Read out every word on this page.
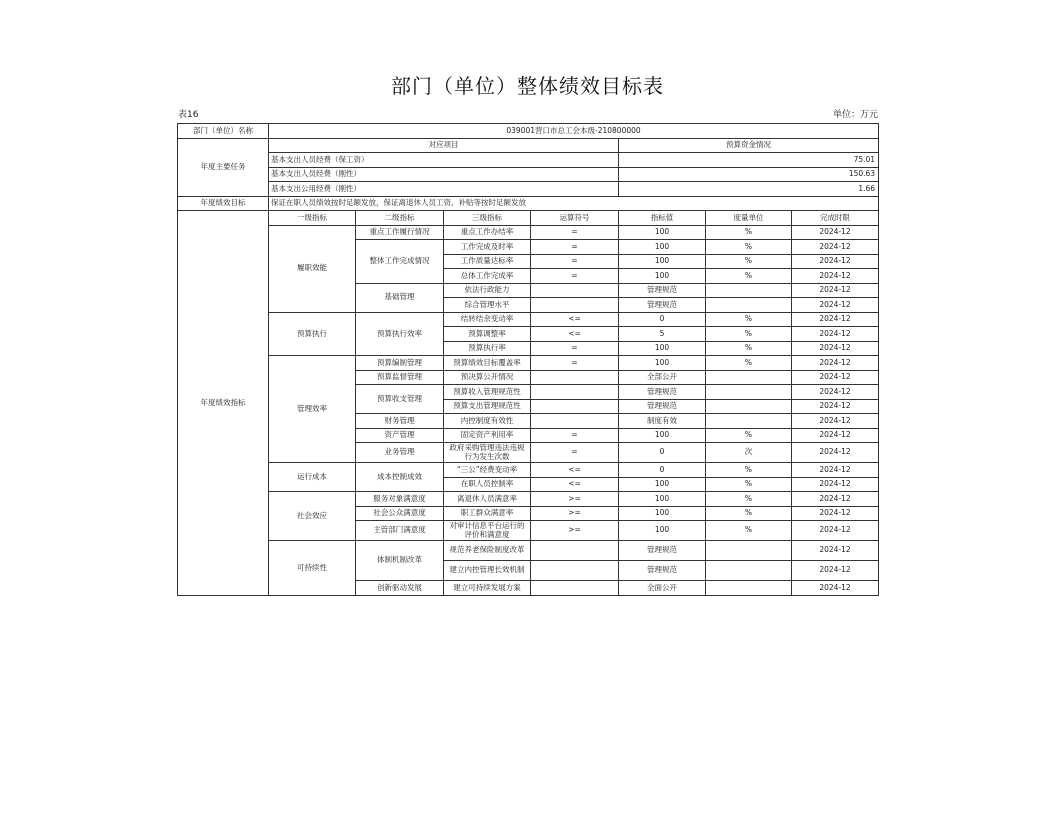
部门（单位）整体绩效目标表
表16	单位：万元
部门（单位）名称	039001营口市总工会本级-210800000						
年度主要任务	对应项目				预算资金情况		
	基本支出人员经费（保工资）				75.01		
	基本支出人员经费（刚性）				150.63		
	基本支出公用经费（刚性）				1.66		
年度绩效目标	保证在职人员绩效按时足额发放，保证离退休人员工资、补贴等按时足额发放						
年度绩效指标	一级指标	二级指标	三级指标	运算符号	指标值	度量单位	完成时限
	履职效能	重点工作履行情况	重点工作办结率	=	100	%	2024-12
		整体工作完成情况	工作完成及时率	=	100	%	2024-12
			工作质量达标率	=	100	%	2024-12
			总体工作完成率	=	100	%	2024-12
		基础管理	依法行政能力		管理规范		2024-12
			综合管理水平		管理规范		2024-12
	预算执行	预算执行效率	结转结余变动率	<=	0	%	2024-12
			预算调整率	<=	5	%	2024-12
			预算执行率	=	100	%	2024-12
	管理效率	预算编制管理	预算绩效目标覆盖率	=	100	%	2024-12
		预算监督管理	预决算公开情况		全部公开		2024-12
		预算收支管理	预算收入管理规范性		管理规范		2024-12
			预算支出管理规范性		管理规范		2024-12
		财务管理	内控制度有效性		制度有效		2024-12
		资产管理	固定资产利用率	=	100	%	2024-12
		业务管理	政府采购管理违法违规行为发生次数	=	0	次	2024-12
	运行成本	成本控制成效	“三公”经费变动率	<=	0	%	2024-12
			在职人员控制率	<=	100	%	2024-12
	社会效应	服务对象满意度	离退休人员满意率	>=	100	%	2024-12
		社会公众满意度	职工群众满意率	>=	100	%	2024-12
		主管部门满意度	对审计信息平台运行的评价和满意度	>=	100	%	2024-12
	可持续性	体制机制改革	规范养老保险制度改革		管理规范		2024-12
			建立内控管理长效机制		管理规范		2024-12
		创新驱动发展	建立可持续发展方案		全面公开		2024-12
